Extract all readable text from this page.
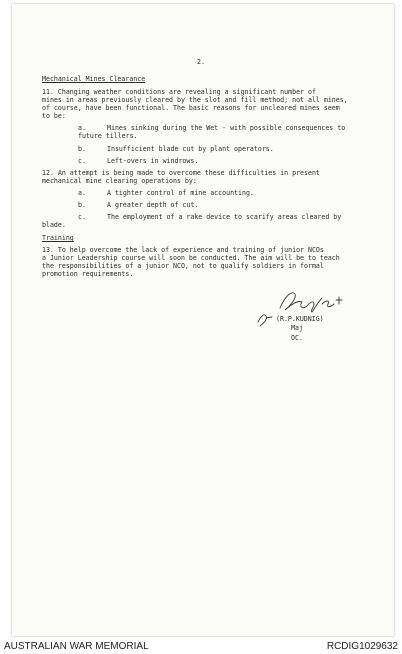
2.
Mechanical Mines Clearance
11. Changing weather conditions are revealing a significant number of
mines in areas previously cleared by the slot and fill method; not all mines,
of course, have been functional. The basic reasons for uncleared mines seem
to be:
a.	Mines sinking during the Wet - with possible consequences to
future tillers.
b.	Insufficient blade cut by plant operators.
c.	Left-overs in windrows.
12. An attempt is being made to overcome these difficulties in present
mechanical mine clearing operations by:
a.	A tighter control of mine accounting.
b.	A greater depth of cut.
c.	The employment of a rake device to scarify areas cleared by
blade.
Training
13. To help overcome the lack of experience and training of junior NCOs
a Junior Leadership course will soon be conducted. The aim will be to teach
the responsibilities of a junior NCO, not to qualify soldiers in formal
promotion requirements.
(R.P.KUDNIG)
Maj
OC.
AUSTRALIAN WAR MEMORIAL	RCDIG1029632
